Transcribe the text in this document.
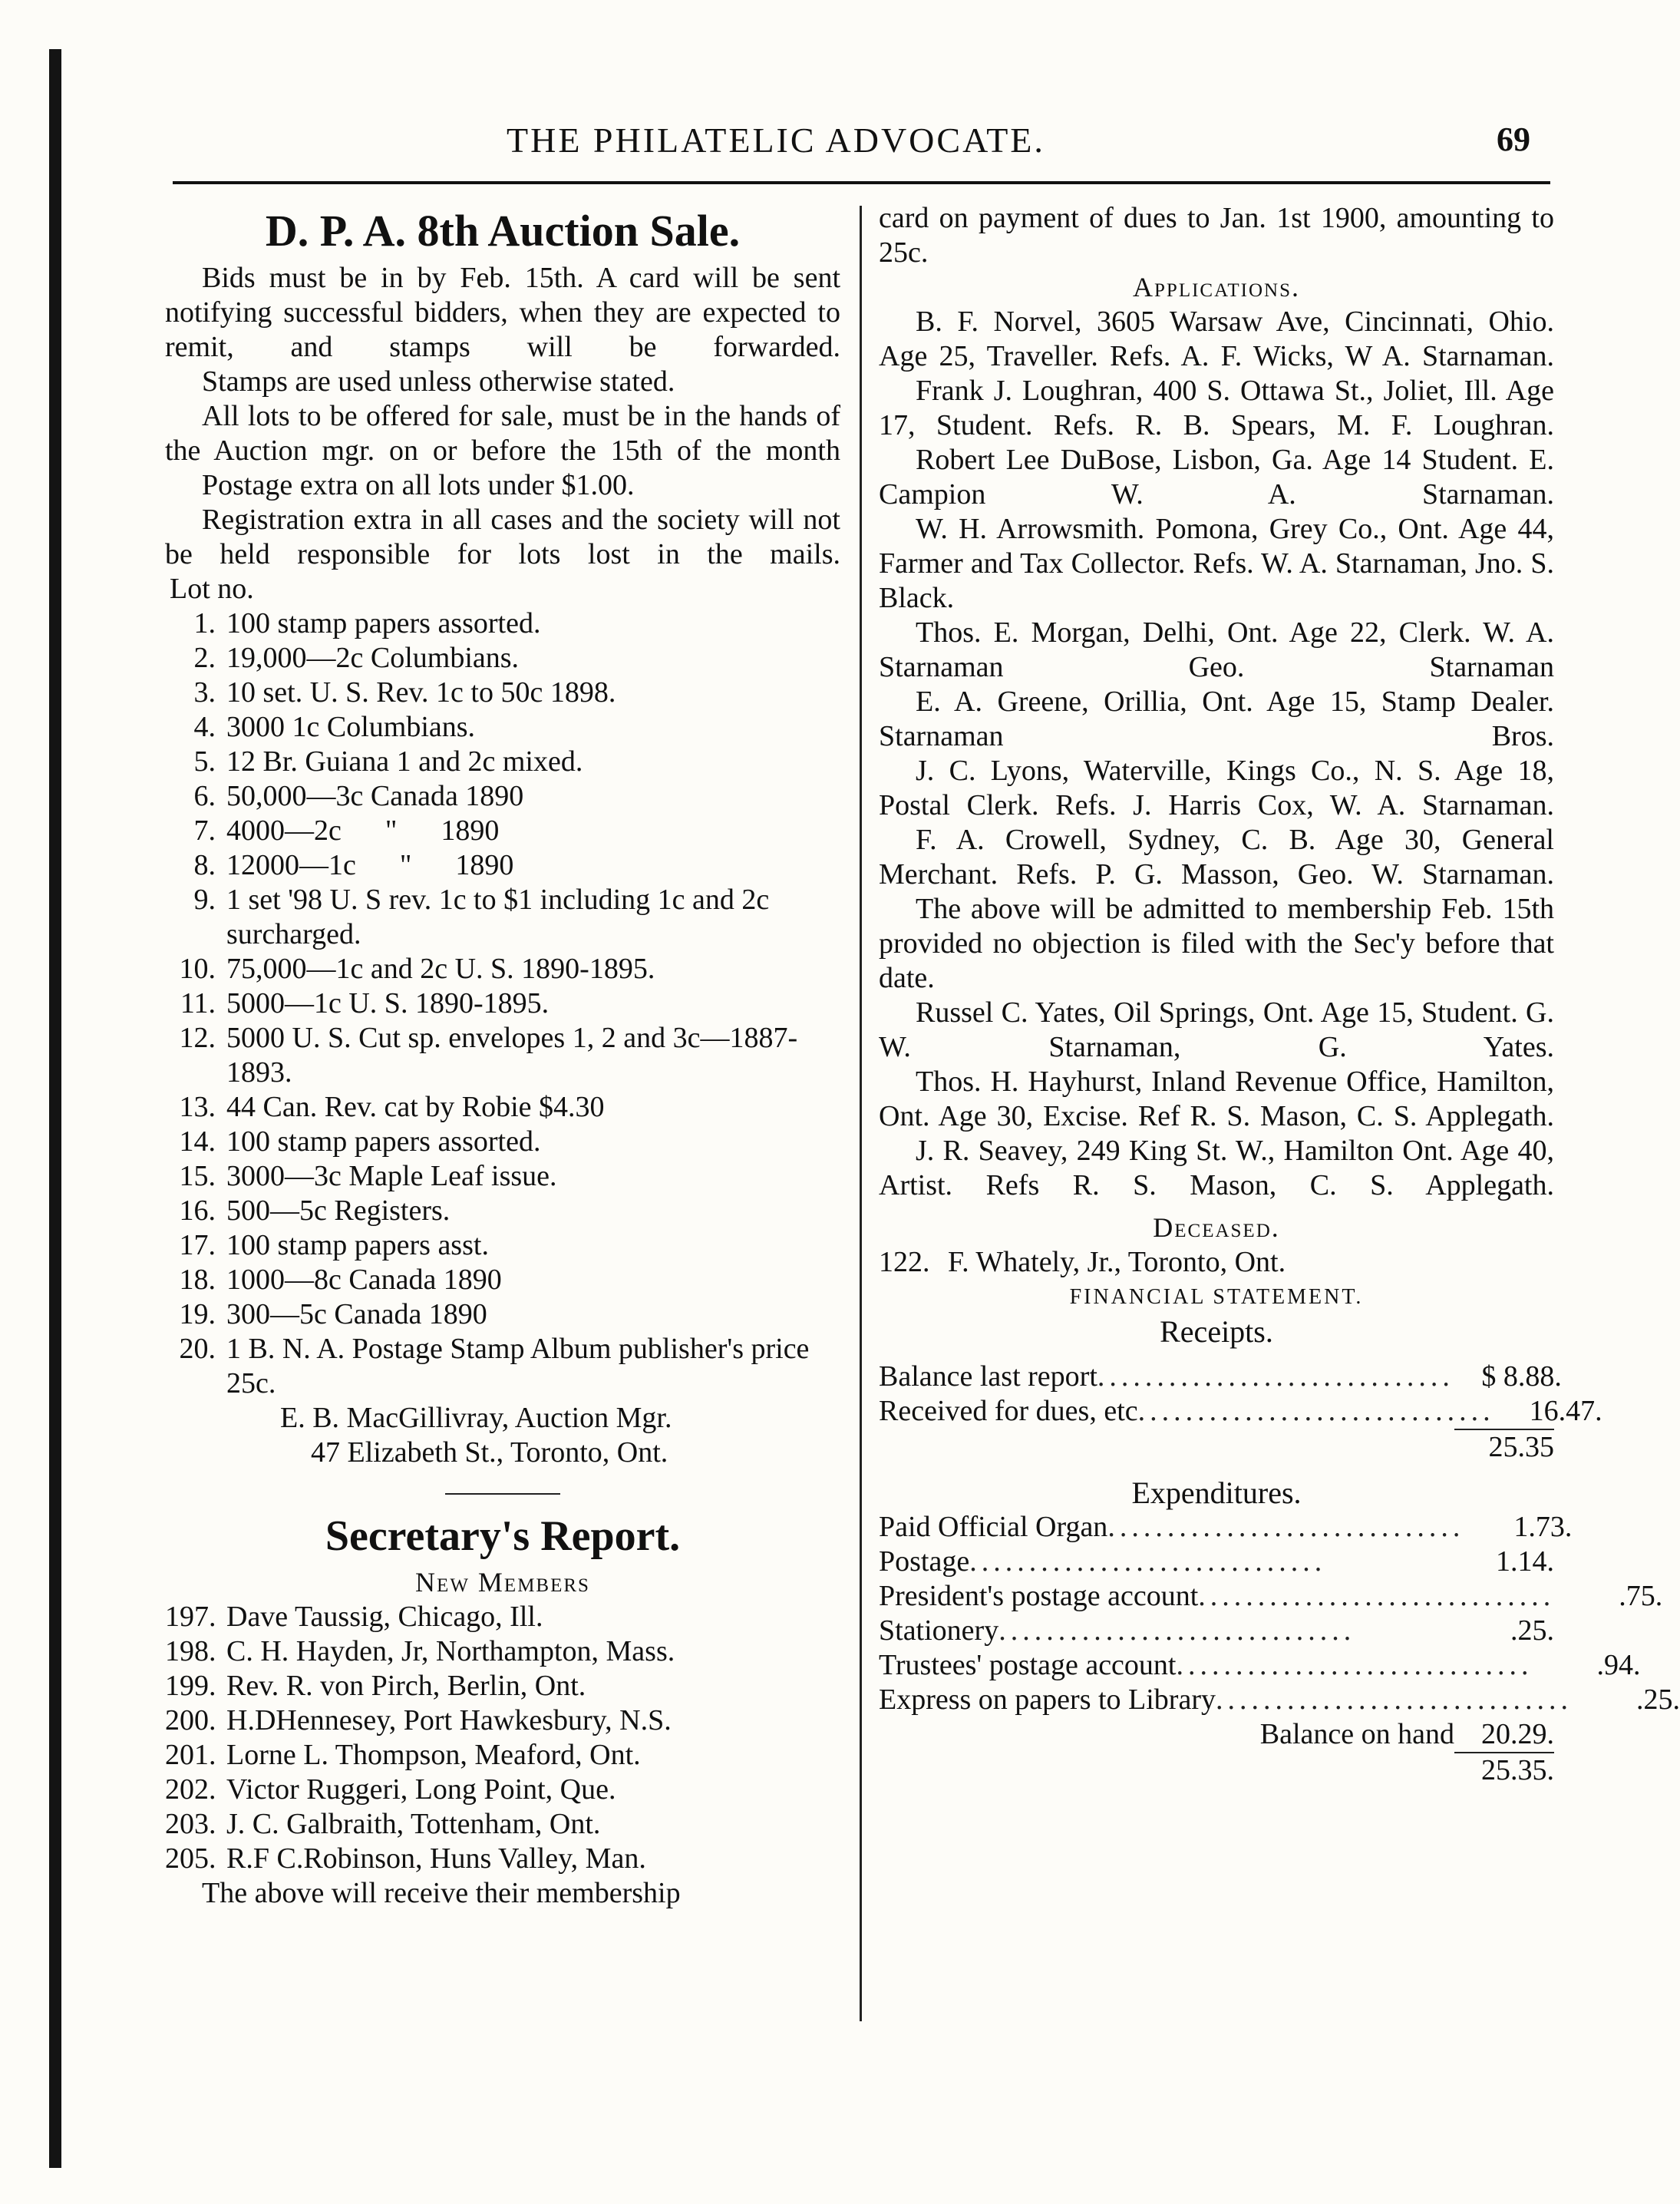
THE PHILATELIC ADVOCATE.	69

D. P. A. 8th Auction Sale.

Bids must be in by Feb. 15th. A card will be sent notifying successful bidders, when they are expected to remit, and stamps will be forwarded.

Stamps are used unless otherwise stated.

All lots to be offered for sale, must be in the hands of the Auction mgr. on or before the 15th of the month

Postage extra on all lots under $1.00.

Registration extra in all cases and the society will not be held responsible for lots lost in the mails.

Lot no.

1. 100 stamp papers assorted.
2. 19,000—2c Columbians.
3. 10 set. U. S. Rev. 1c to 50c 1898.
4. 3000 1c Columbians.
5. 12 Br. Guiana 1 and 2c mixed.
6. 50,000—3c Canada 1890
7. 4000—2c      "      1890
8. 12000—1c      "      1890
9. 1 set '98 U. S rev. 1c to $1 including 1c and 2c surcharged.
10. 75,000—1c and 2c U. S. 1890-1895.
11. 5000—1c U. S. 1890-1895.
12. 5000 U. S. Cut sp. envelopes 1, 2 and 3c—1887-1893.
13. 44 Can. Rev. cat by Robie $4.30
14. 100 stamp papers assorted.
15. 3000—3c Maple Leaf issue.
16. 500—5c Registers.
17. 100 stamp papers asst.
18. 1000—8c Canada 1890
19. 300—5c Canada 1890
20. 1 B. N. A. Postage Stamp Album publisher's price 25c.

E. B. MacGillivray, Auction Mgr.

47 Elizabeth St., Toronto, Ont.

Secretary's Report.

New Members

197. Dave Taussig, Chicago, Ill.
198. C. H. Hayden, Jr, Northampton, Mass.
199. Rev. R. von Pirch, Berlin, Ont.
200. H.DHennesey, Port Hawkesbury, N.S.
201. Lorne L. Thompson, Meaford, Ont.
202. Victor Ruggeri, Long Point, Que.
203. J. C. Galbraith, Tottenham, Ont.
205. R.F C.Robinson, Huns Valley, Man.

The above will receive their membership

card on payment of dues to Jan. 1st 1900, amounting to 25c.

Applications.

B. F. Norvel, 3605 Warsaw Ave, Cincinnati, Ohio. Age 25, Traveller. Refs. A. F. Wicks, W A. Starnaman.

Frank J. Loughran, 400 S. Ottawa St., Joliet, Ill. Age 17, Student. Refs. R. B. Spears, M. F. Loughran.

Robert Lee DuBose, Lisbon, Ga. Age 14 Student. E. Campion W. A. Starnaman.

W. H. Arrowsmith. Pomona, Grey Co., Ont. Age 44, Farmer and Tax Collector. Refs. W. A. Starnaman, Jno. S. Black.

Thos. E. Morgan, Delhi, Ont. Age 22, Clerk. W. A. Starnaman Geo. Starnaman

E. A. Greene, Orillia, Ont. Age 15, Stamp Dealer. Starnaman Bros.

J. C. Lyons, Waterville, Kings Co., N. S. Age 18, Postal Clerk. Refs. J. Harris Cox, W. A. Starnaman.

F. A. Crowell, Sydney, C. B. Age 30, General Merchant. Refs. P. G. Masson, Geo. W. Starnaman.

The above will be admitted to membership Feb. 15th provided no objection is filed with the Sec'y before that date.

Russel C. Yates, Oil Springs, Ont. Age 15, Student. G. W. Starnaman, G. Yates.

Thos. H. Hayhurst, Inland Revenue Office, Hamilton, Ont. Age 30, Excise. Ref R. S. Mason, C. S. Applegath.

J. R. Seavey, 249 King St. W., Hamilton Ont. Age 40, Artist. Refs R. S. Mason, C. S. Applegath.

Deceased.

122. F. Whately, Jr., Toronto, Ont.

FINANCIAL STATEMENT.

Receipts.

Balance last report .............................. $ 8.88.
Received for dues, etc ..............................	16.47.
25.35

Expenditures.

Paid Official Organ ..............................	1.73.
Postage ..............................	1.14.
President's postage account ..............................	.75.
Stationery ..............................	.25.
Trustees' postage account ..............................	.94.
Express on papers to Library ..............................	.25.
Balance on hand 20.29.
25.35.
